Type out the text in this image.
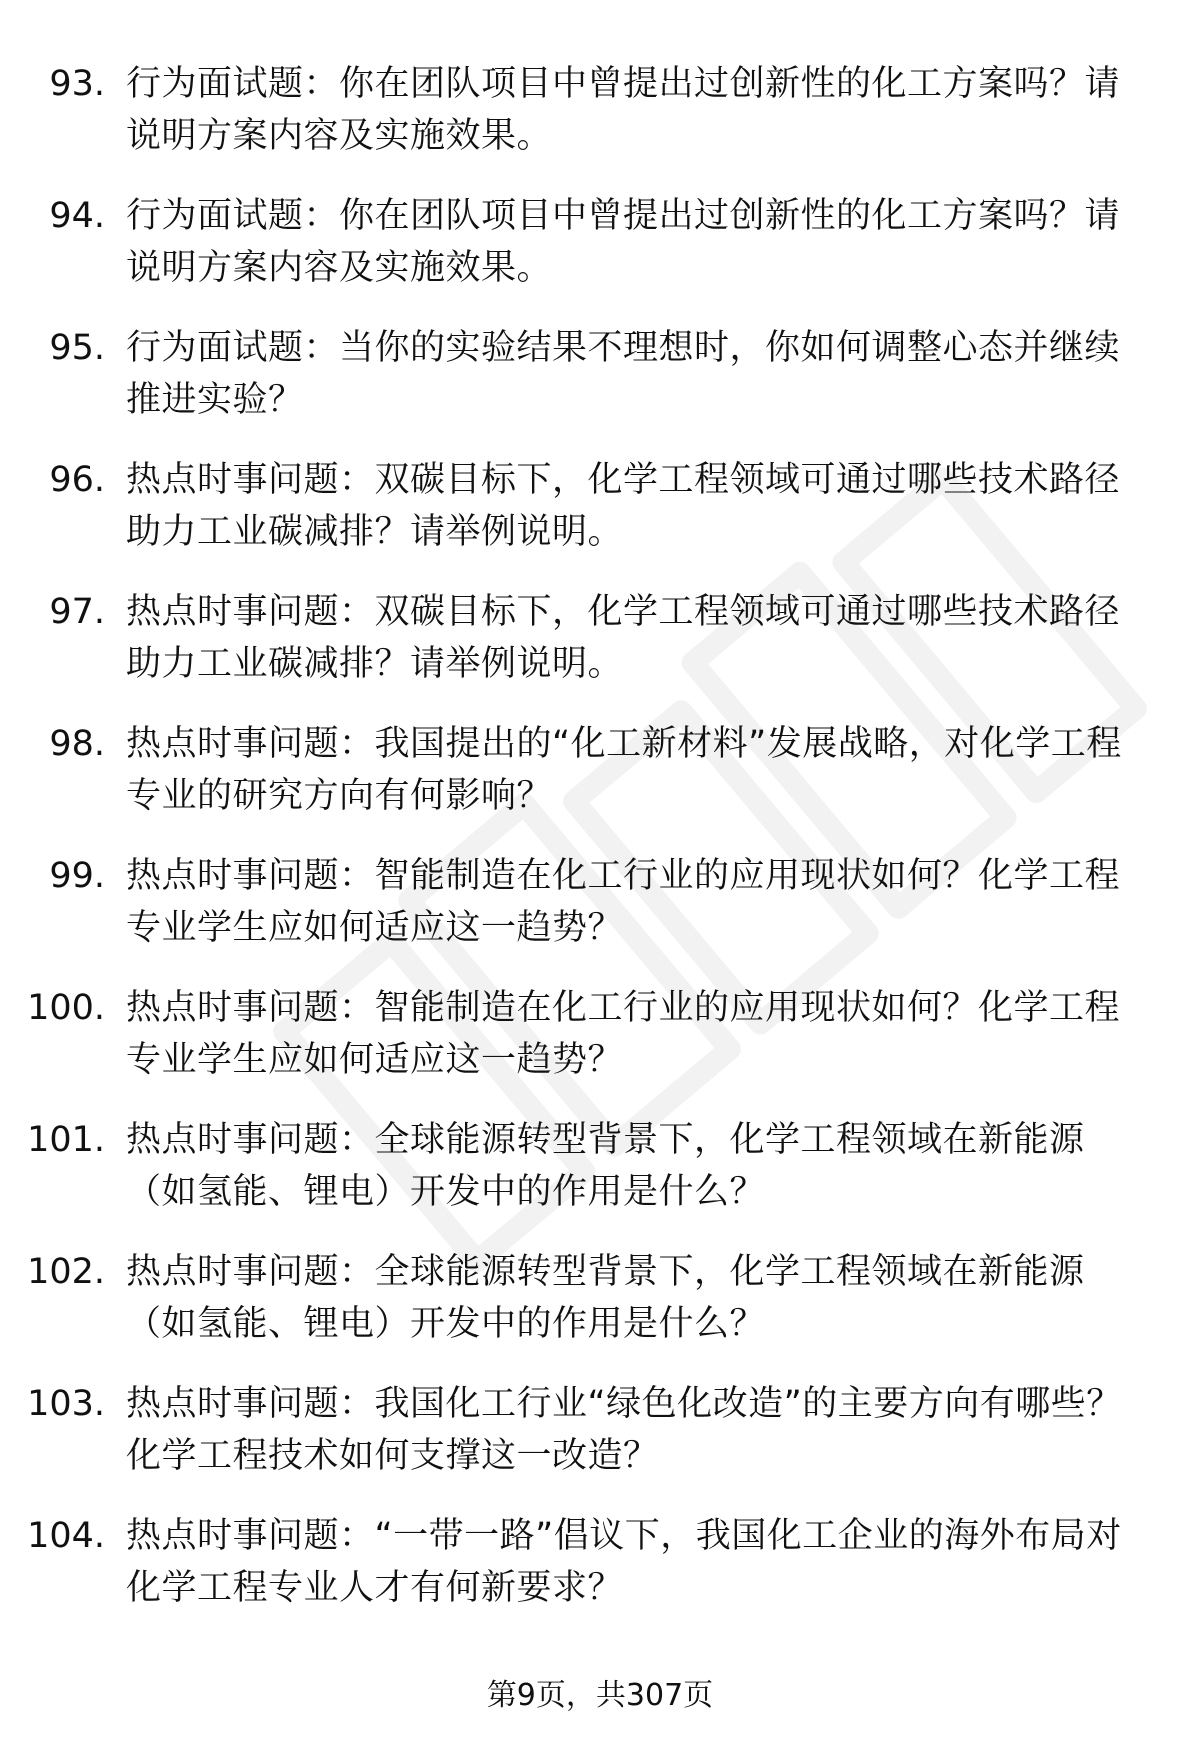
93. 行为面试题：你在团队项目中曾提出过创新性的化工方案吗？请说明方案内容及实施效果。
94. 行为面试题：你在团队项目中曾提出过创新性的化工方案吗？请说明方案内容及实施效果。
95. 行为面试题：当你的实验结果不理想时，你如何调整心态并继续推进实验？
96. 热点时事问题：双碳目标下，化学工程领域可通过哪些技术路径助力工业碳减排？请举例说明。
97. 热点时事问题：双碳目标下，化学工程领域可通过哪些技术路径助力工业碳减排？请举例说明。
98. 热点时事问题：我国提出的“化工新材料”发展战略，对化学工程专业的研究方向有何影响？
99. 热点时事问题：智能制造在化工行业的应用现状如何？化学工程专业学生应如何适应这一趋势？
100. 热点时事问题：智能制造在化工行业的应用现状如何？化学工程专业学生应如何适应这一趋势？
101. 热点时事问题：全球能源转型背景下，化学工程领域在新能源（如氢能、锂电）开发中的作用是什么？
102. 热点时事问题：全球能源转型背景下，化学工程领域在新能源（如氢能、锂电）开发中的作用是什么？
103. 热点时事问题：我国化工行业“绿色化改造”的主要方向有哪些？化学工程技术如何支撑这一改造？
104. 热点时事问题：“一带一路”倡议下，我国化工企业的海外布局对化学工程专业人才有何新要求？
第9页，共307页
